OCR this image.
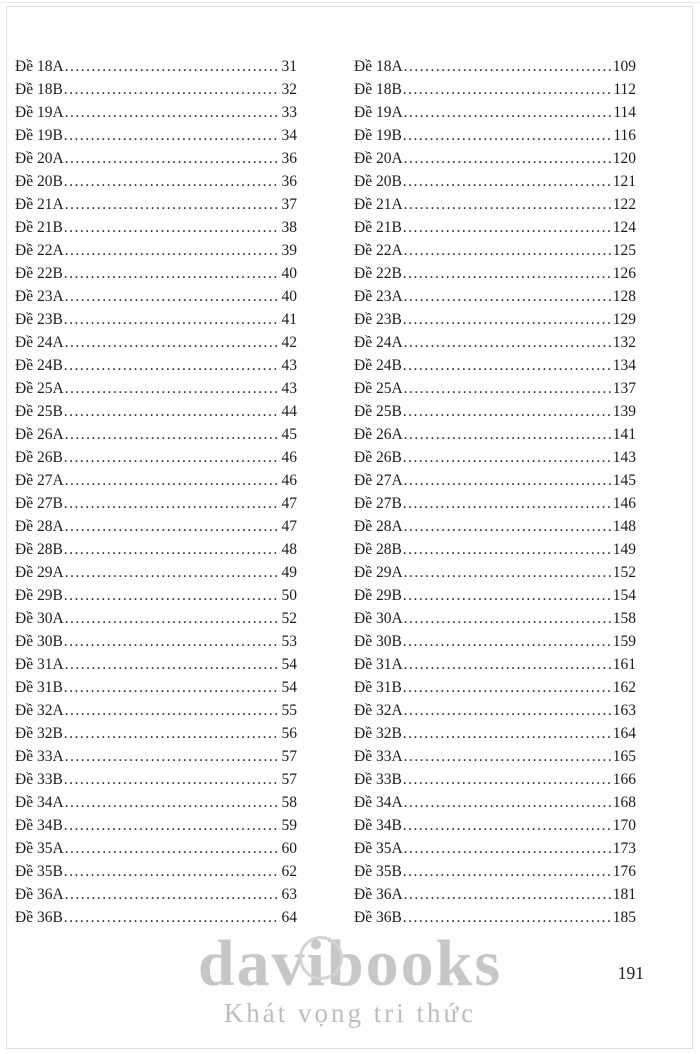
davibooks
Khát vọng tri thức
Đề 18A .....	31
Đề 18B .....	32
Đề 19A .....	33
Đề 19B .....	34
Đề 20A .....	36
Đề 20B .....	36
Đề 21A .....	37
Đề 21B .....	38
Đề 22A .....	39
Đề 22B .....	40
Đề 23A .....	40
Đề 23B .....	41
Đề 24A .....	42
Đề 24B .....	43
Đề 25A .....	43
Đề 25B .....	44
Đề 26A .....	45
Đề 26B .....	46
Đề 27A .....	46
Đề 27B .....	47
Đề 28A .....	47
Đề 28B .....	48
Đề 29A .....	49
Đề 29B .....	50
Đề 30A .....	52
Đề 30B .....	53
Đề 31A .....	54
Đề 31B .....	54
Đề 32A .....	55
Đề 32B .....	56
Đề 33A .....	57
Đề 33B .....	57
Đề 34A .....	58
Đề 34B .....	59
Đề 35A .....	60
Đề 35B .....	62
Đề 36A .....	63
Đề 36B .....	64
Đề 18A .....	109
Đề 18B .....	112
Đề 19A .....	114
Đề 19B .....	116
Đề 20A .....	120
Đề 20B .....	121
Đề 21A .....	122
Đề 21B .....	124
Đề 22A .....	125
Đề 22B .....	126
Đề 23A .....	128
Đề 23B .....	129
Đề 24A .....	132
Đề 24B .....	134
Đề 25A .....	137
Đề 25B .....	139
Đề 26A .....	141
Đề 26B .....	143
Đề 27A .....	145
Đề 27B .....	146
Đề 28A .....	148
Đề 28B .....	149
Đề 29A .....	152
Đề 29B .....	154
Đề 30A .....	158
Đề 30B .....	159
Đề 31A .....	161
Đề 31B .....	162
Đề 32A .....	163
Đề 32B .....	164
Đề 33A .....	165
Đề 33B .....	166
Đề 34A .....	168
Đề 34B .....	170
Đề 35A .....	173
Đề 35B .....	176
Đề 36A .....	181
Đề 36B .....	185
191
